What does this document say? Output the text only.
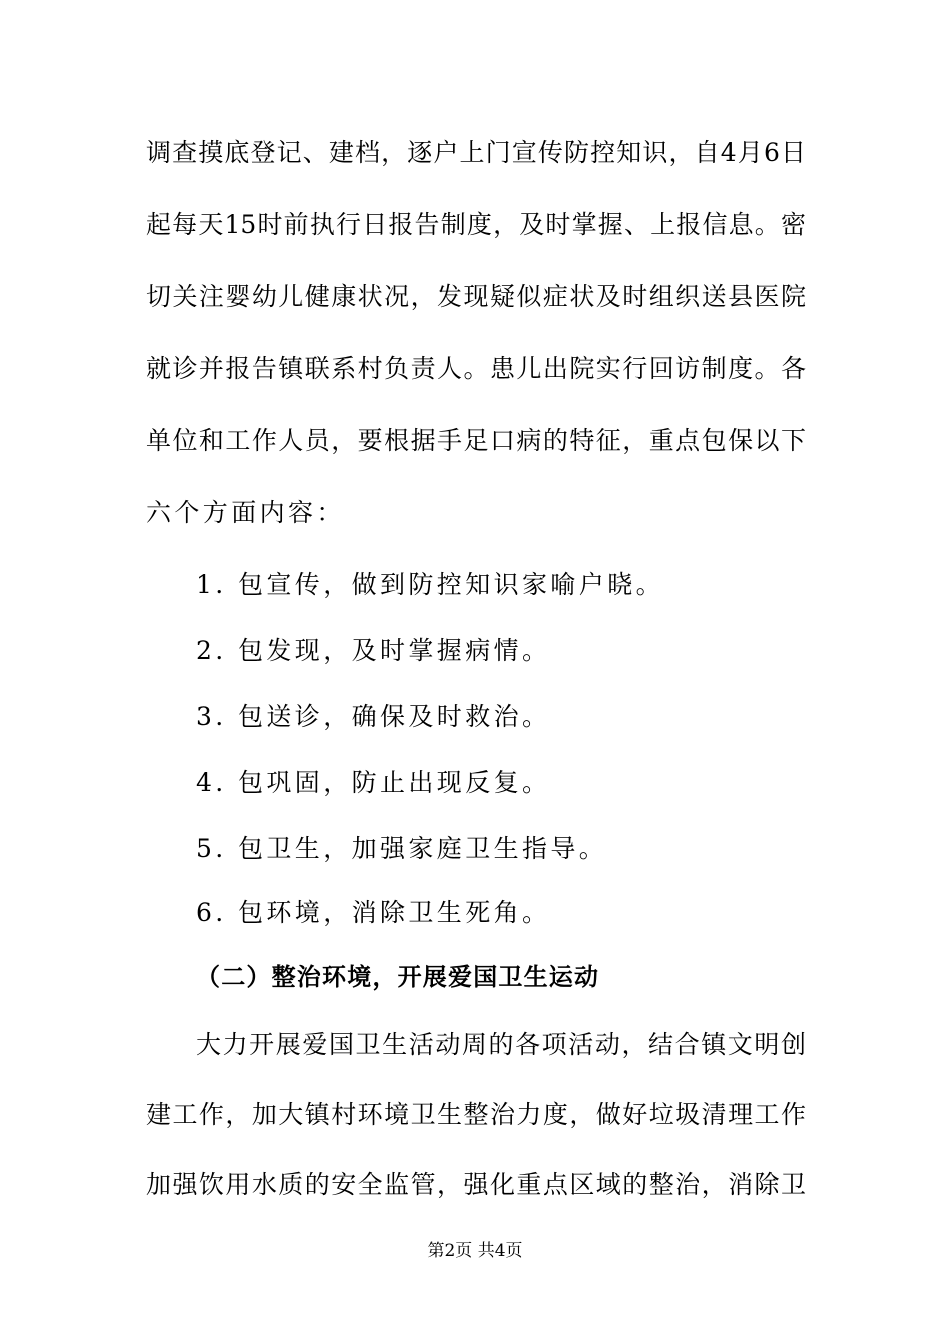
调查摸底登记、建档，逐户上门宣传防控知识，自4月6日
起每天15时前执行日报告制度，及时掌握、上报信息。密
切关注婴幼儿健康状况，发现疑似症状及时组织送县医院
就诊并报告镇联系村负责人。患儿出院实行回访制度。各
单位和工作人员，要根据手足口病的特征，重点包保以下
六个方面内容：
1. 包宣传，做到防控知识家喻户晓。
2. 包发现，及时掌握病情。
3. 包送诊，确保及时救治。
4. 包巩固，防止出现反复。
5. 包卫生，加强家庭卫生指导。
6. 包环境，消除卫生死角。
（二）整治环境，开展爱国卫生运动
大力开展爱国卫生活动周的各项活动，结合镇文明创
建工作，加大镇村环境卫生整治力度，做好垃圾清理工作
加强饮用水质的安全监管，强化重点区域的整治，消除卫
第2页 共4页
